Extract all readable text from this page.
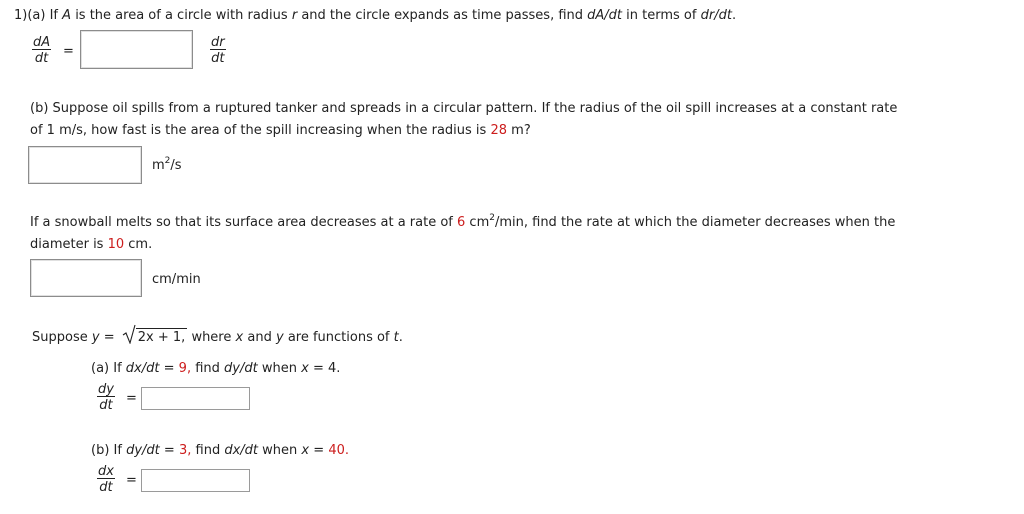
1)(a) If A is the area of a circle with radius r and the circle expands as time passes, find dA/dt in terms of dr/dt.
$\frac{dA}{dt}$ =	$\frac{dr}{dt}$
(b) Suppose oil spills from a ruptured tanker and spreads in a circular pattern. If the radius of the oil spill increases at a constant rate
of 1 m/s, how fast is the area of the spill increasing when the radius is 28 m?
$m^2/s$
If a snowball melts so that its surface area decreases at a rate of 6 $cm^2/\min$, find the rate at which the diameter decreases when the
diameter is 10 cm.
cm/min
Suppose y = 2x + 1, where x and y are functions of t.
(a) If dx/dt = 9, find dy/dt when x = 4.
$\frac{dy}{dt}$ =
(b) If dy/dt = 3, find dx/dt when x = 40.
$\frac{dx}{dt}$ =
